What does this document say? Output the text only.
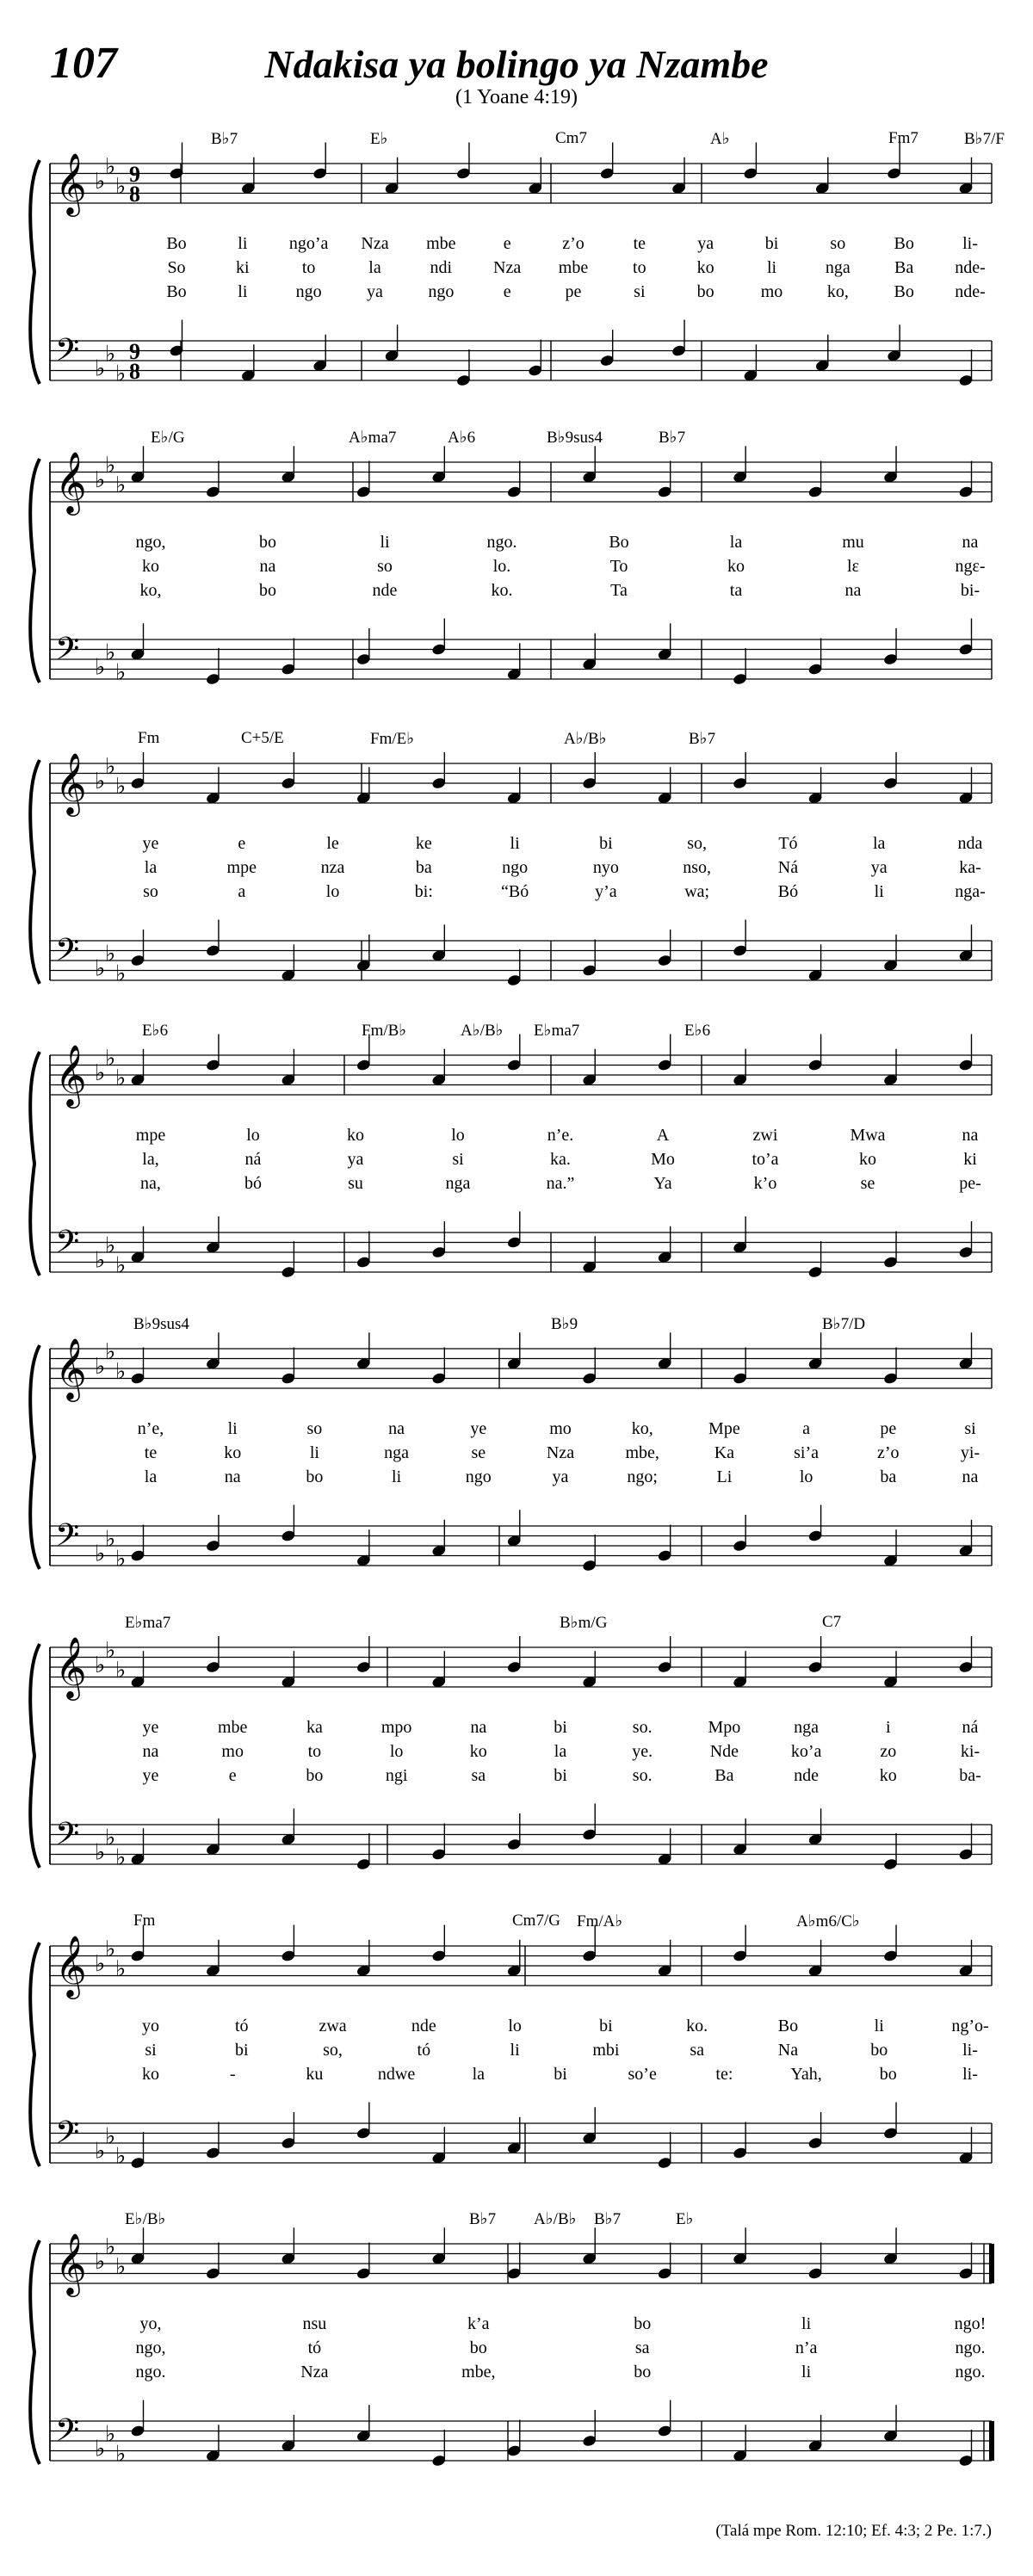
107	Ndakisa ya bolingo ya Nzambe
(1 Yoane 4:19)
𝄞 ♭
♭
♭ 9
8
𝄢 ♭
♭
♭
9
8
B♭7	E♭	Cm7	A♭	Fm7	B♭7/F
Bo	li ngo’a Nza mbe	e	z’o	te	ya	bi	so	Bo	li-
So	ki	to	la	ndi Nza mbe	to	ko	li	nga	Ba nde-
Bo	li	ngo	ya	ngo	e	pe	si	bo	mo	ko,	Bo nde-
𝄞 ♭
♭
♭
𝄢 ♭
♭
♭
E♭/G	A♭ma7	A♭6	B♭9sus4	B♭7
ngo,	bo	li	ngo.	Bo	la	mu	na
ko	na	so	lo.	To	ko	lɛ	ngɛ-
ko,	bo	nde	ko.	Ta	ta	na	bi-
𝄞 ♭
♭
♭
𝄢 ♭
♭
♭
Fm	C+5/E	Fm/E♭	A♭/B♭	B♭7
ye	e	le	ke	li	bi	so,	Tó	la	nda
la	mpe	nza	ba	ngo	nyo	nso,	Ná	ya	ka-
so	a	lo	bi:	“Bó	y’a	wa;	Bó	li	nga-
𝄞 ♭
♭
♭
𝄢 ♭
♭
♭
E♭6	Fm/B♭	A♭/B♭ E♭ma7	E♭6
mpe	lo	ko	lo	n’e.	A	zwi	Mwa	na
la,	ná	ya	si	ka.	Mo	to’a	ko	ki
na,	bó	su	nga	na.”	Ya	k’o	se	pe-
𝄞 ♭
♭
♭
𝄢 ♭
♭
♭
B♭9sus4	B♭9	B♭7/D
n’e,	li	so	na	ye	mo	ko,	Mpe	a	pe	si
te	ko	li	nga	se	Nza	mbe,	Ka	si’a	z’o	yi-
la	na	bo	li	ngo	ya	ngo;	Li	lo	ba	na
𝄞 ♭
♭
♭
𝄢 ♭
♭
♭
E♭ma7	B♭m/G	C7
ye	mbe	ka	mpo	na	bi	so.	Mpo	nga	i	ná
na	mo	to	lo	ko	la	ye.	Nde	ko’a	zo	ki-
ye	e	bo	ngi	sa	bi	so.	Ba	nde	ko	ba-
𝄞 ♭
♭
♭
𝄢 ♭
♭
♭
Fm	Cm7/G Fm/A♭	A♭m6/C♭
yo	tó	zwa	nde	lo	bi	ko.	Bo	li	ng’o-
si	bi	so,	tó	li	mbi	sa	Na	bo	li-
ko	-	ku	ndwe	la	bi	so’e	te:	Yah,	bo	li-
𝄞 ♭
♭
♭
𝄢 ♭
♭
♭
E♭/B♭	B♭7 A♭/B♭ B♭7	E♭
yo,	nsu	k’a	bo	li	ngo!
ngo,	tó	bo	sa	n’a	ngo.
ngo.	Nza	mbe,	bo	li	ngo.
(Talá mpe Rom. 12:10; Ef. 4:3; 2 Pe. 1:7.)
